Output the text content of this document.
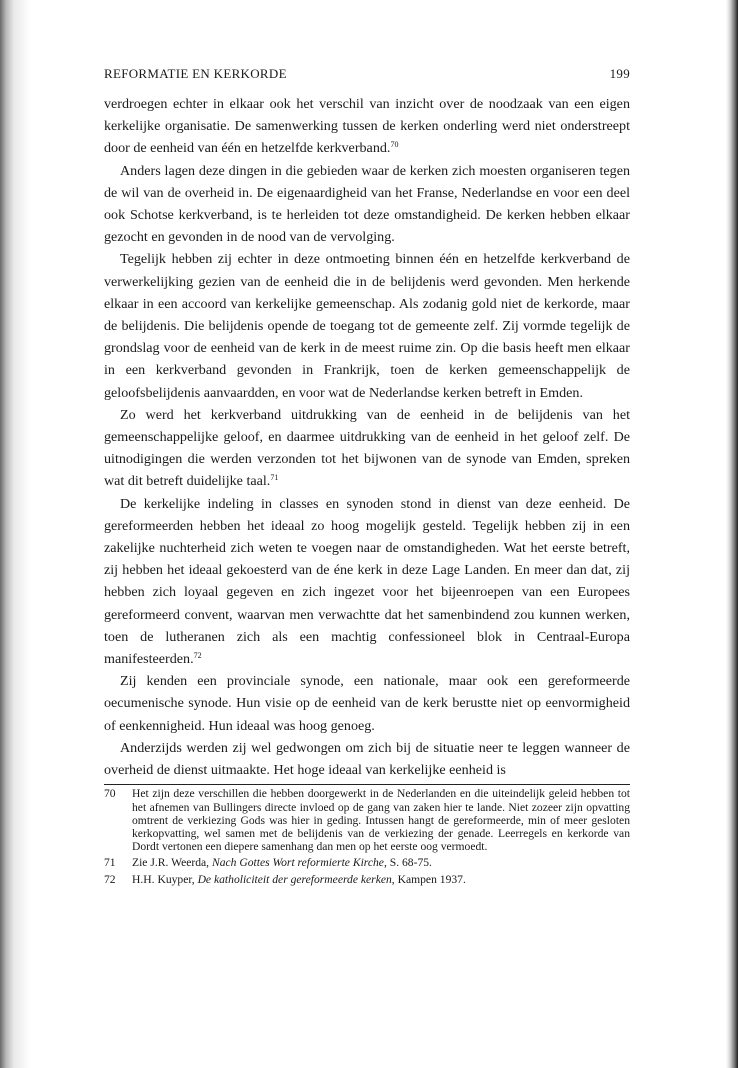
REFORMATIE EN KERKORDE	199

verdroegen echter in elkaar ook het verschil van inzicht over de noodzaak van een eigen kerkelijke organisatie. De samenwerking tussen de kerken onderling werd niet onderstreept door de eenheid van één en hetzelfde kerkverband.$^{70}$

Anders lagen deze dingen in die gebieden waar de kerken zich moesten organiseren tegen de wil van de overheid in. De eigenaardigheid van het Franse, Nederlandse en voor een deel ook Schotse kerkverband, is te herleiden tot deze omstandigheid. De kerken hebben elkaar gezocht en gevonden in de nood van de vervolging.

Tegelijk hebben zij echter in deze ontmoeting binnen één en hetzelfde kerkverband de verwerkelijking gezien van de eenheid die in de belijdenis werd gevonden. Men herkende elkaar in een accoord van kerkelijke gemeenschap. Als zodanig gold niet de kerkorde, maar de belijdenis. Die belijdenis opende de toegang tot de gemeente zelf. Zij vormde tegelijk de grondslag voor de eenheid van de kerk in de meest ruime zin. Op die basis heeft men elkaar in een kerkverband gevonden in Frankrijk, toen de kerken gemeenschappelijk de geloofsbelijdenis aanvaardden, en voor wat de Nederlandse kerken betreft in Emden.

Zo werd het kerkverband uitdrukking van de eenheid in de belijdenis van het gemeenschappelijke geloof, en daarmee uitdrukking van de eenheid in het geloof zelf. De uitnodigingen die werden verzonden tot het bijwonen van de synode van Emden, spreken wat dit betreft duidelijke taal.$^{71}$

De kerkelijke indeling in classes en synoden stond in dienst van deze eenheid. De gereformeerden hebben het ideaal zo hoog mogelijk gesteld. Tegelijk hebben zij in een zakelijke nuchterheid zich weten te voegen naar de omstandigheden. Wat het eerste betreft, zij hebben het ideaal gekoesterd van de éne kerk in deze Lage Landen. En meer dan dat, zij hebben zich loyaal gegeven en zich ingezet voor het bijeenroepen van een Europees gereformeerd convent, waarvan men verwachtte dat het samenbindend zou kunnen werken, toen de lutheranen zich als een machtig confessioneel blok in Centraal-Europa manifesteerden.$^{72}$

Zij kenden een provinciale synode, een nationale, maar ook een gereformeerde oecumenische synode. Hun visie op de eenheid van de kerk berustte niet op eenvormigheid of eenkennigheid. Hun ideaal was hoog genoeg.

Anderzijds werden zij wel gedwongen om zich bij de situatie neer te leggen wanneer de overheid de dienst uitmaakte. Het hoge ideaal van kerkelijke eenheid is

70	Het zijn deze verschillen die hebben doorgewerkt in de Nederlanden en die uiteindelijk geleid hebben tot het afnemen van Bullingers directe invloed op de gang van zaken hier te lande. Niet zozeer zijn opvatting omtrent de verkiezing Gods was hier in geding. Intussen hangt de gereformeerde, min of meer gesloten kerkopvatting, wel samen met de belijdenis van de verkiezing der genade. Leerregels en kerkorde van Dordt vertonen een diepere samenhang dan men op het eerste oog vermoedt.
71	Zie J.R. Weerda, Nach Gottes Wort reformierte Kirche, S. 68-75.
72	H.H. Kuyper, De katholiciteit der gereformeerde kerken, Kampen 1937.
